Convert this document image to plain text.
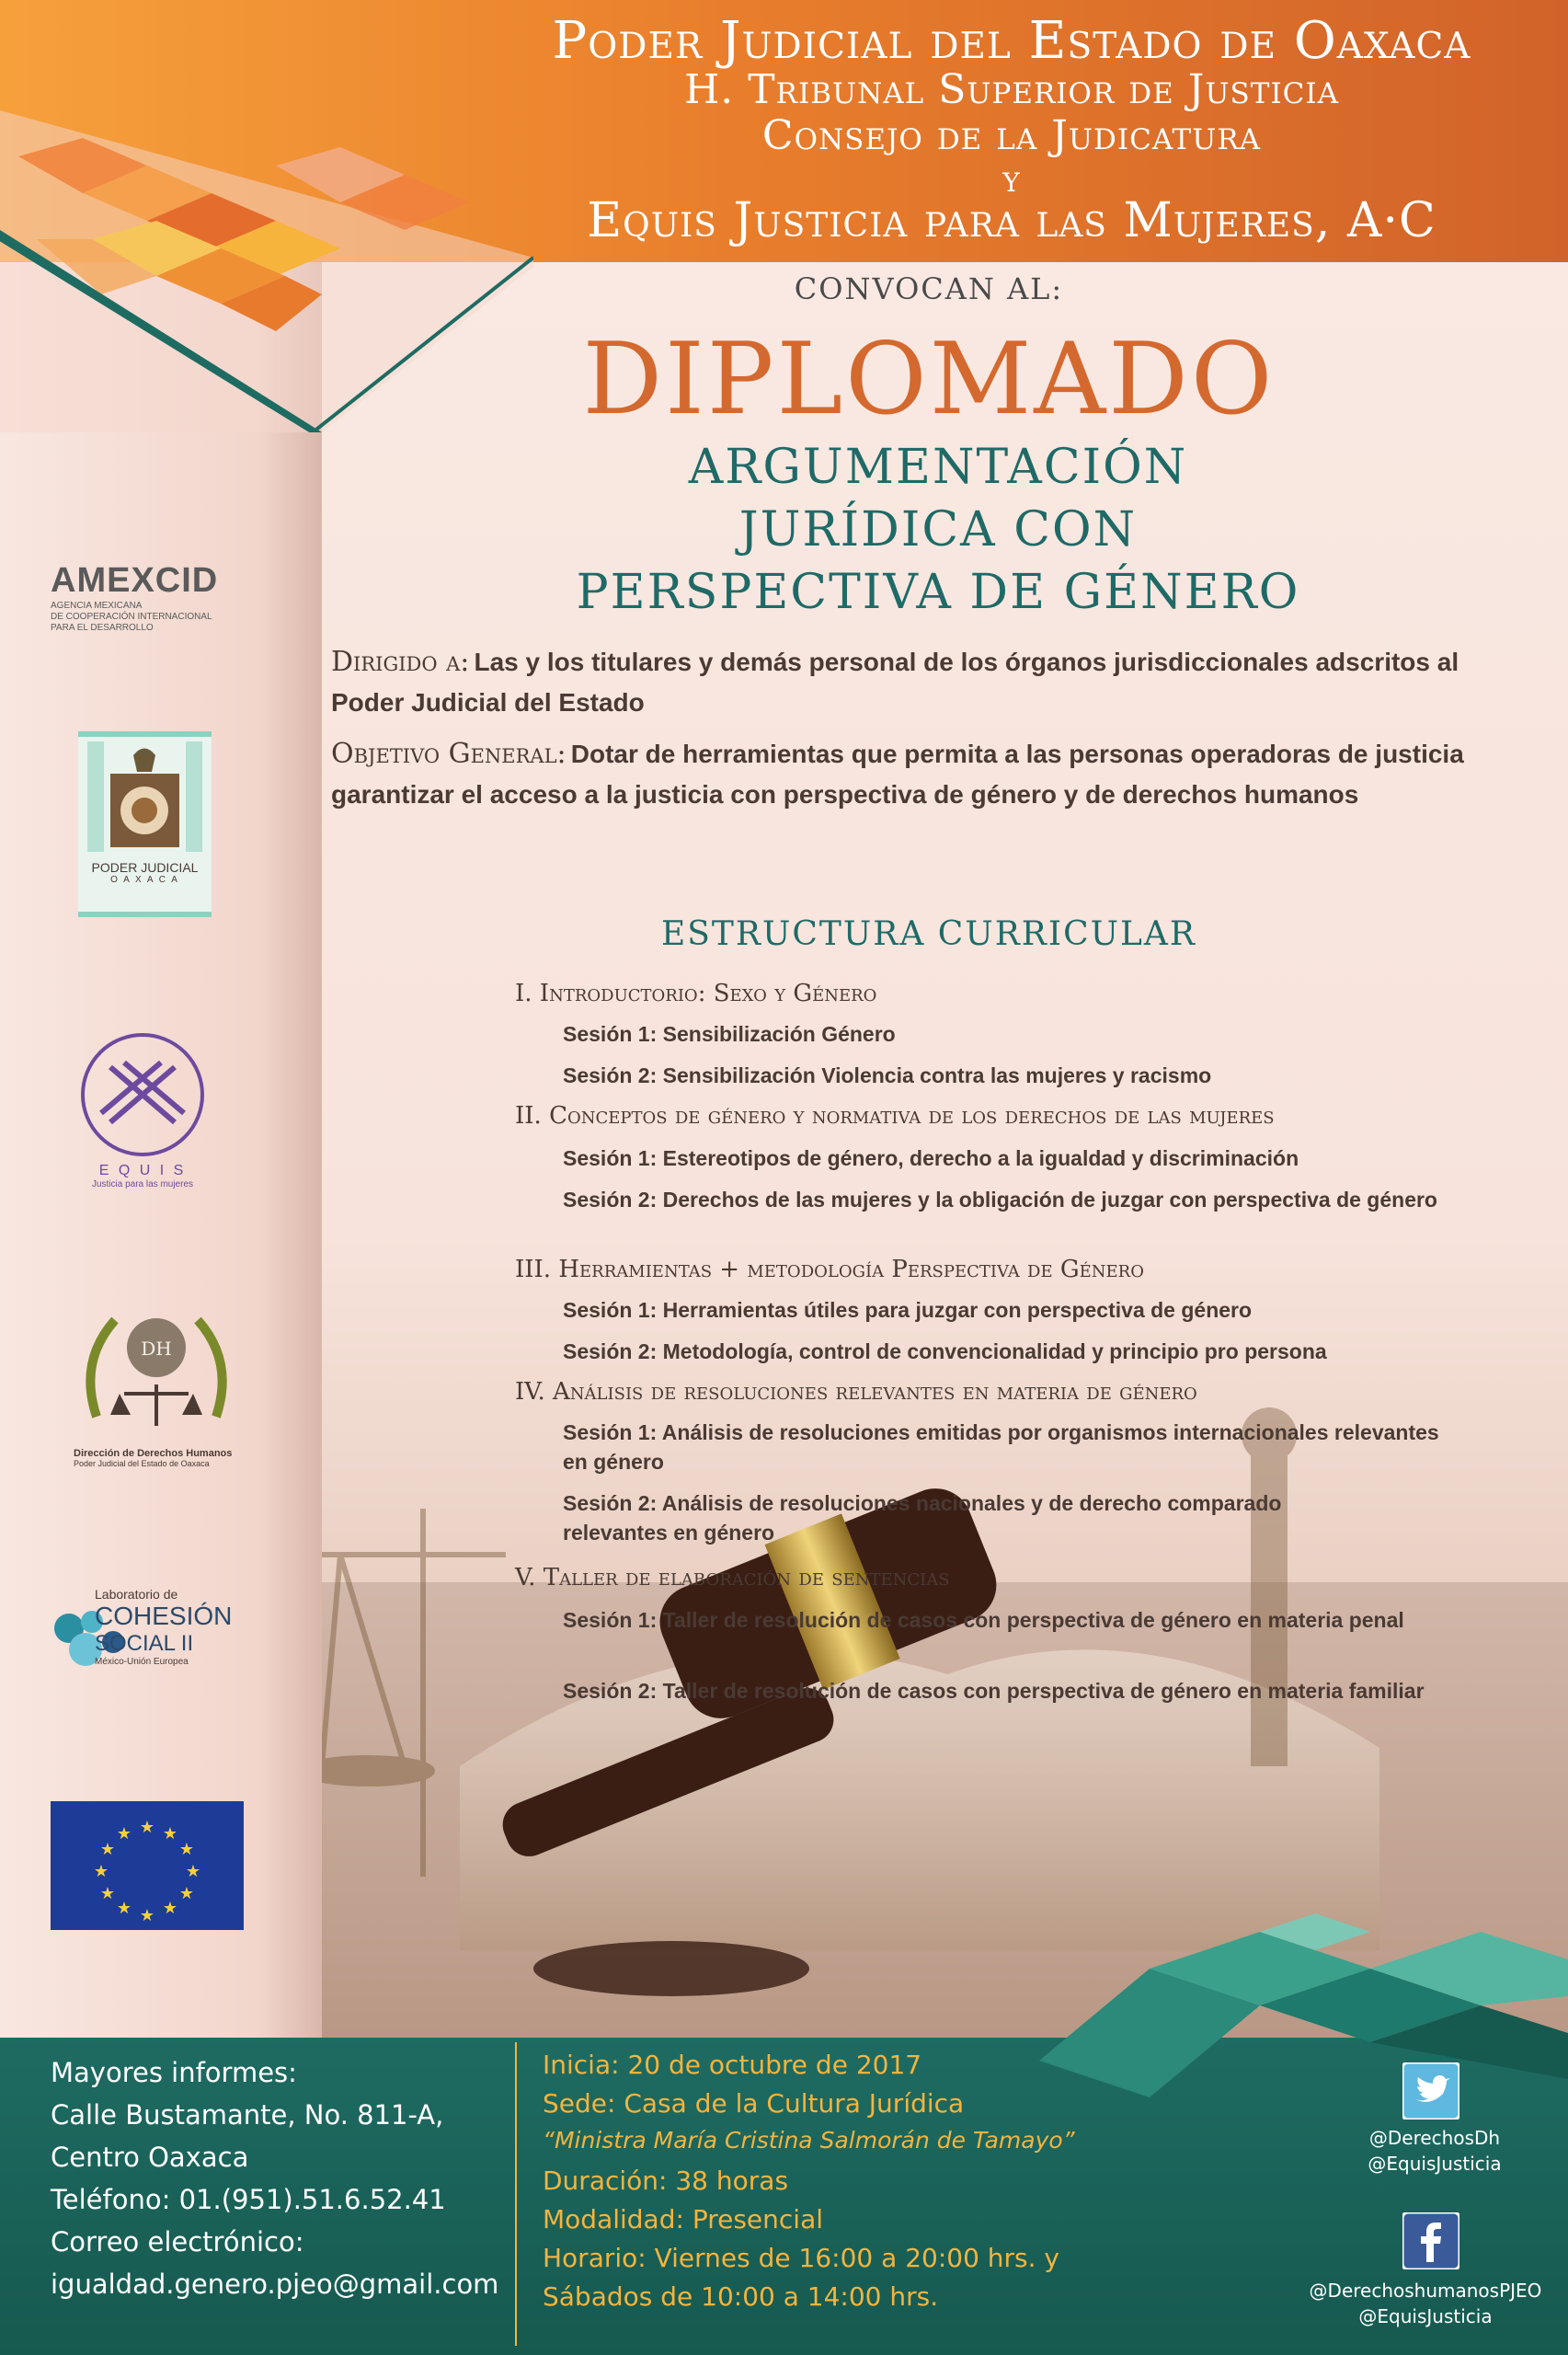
Poder Judicial del Estado de Oaxaca
H. Tribunal Superior de Justicia
Consejo de la Judicatura
y
Equis Justicia para las Mujeres, A·C
CONVOCAN AL:
DIPLOMADO
ARGUMENTACIÓN
JURÍDICA CON
PERSPECTIVA DE GÉNERO
Dirigido a: Las y los titulares y demás personal de los órganos jurisdiccionales adscritos al Poder Judicial del Estado
Objetivo General: Dotar de herramientas que permita a las personas operadoras de justicia garantizar el acceso a la justicia con perspectiva de género y de derechos humanos
ESTRUCTURA CURRICULAR
I. Introductorio: Sexo y Género
Sesión 1: Sensibilización Género
Sesión 2: Sensibilización Violencia contra las mujeres y racismo
II. Conceptos de género y normativa de los derechos de las mujeres
Sesión 1: Estereotipos de género, derecho a la igualdad y discriminación
Sesión 2: Derechos de las mujeres y la obligación de juzgar con perspectiva de género
III. Herramientas + metodología Perspectiva de Género
Sesión 1: Herramientas útiles para juzgar con perspectiva de género
Sesión 2: Metodología, control de convencionalidad y principio pro persona
IV. Análisis de resoluciones relevantes en materia de género
Sesión 1: Análisis de resoluciones emitidas por organismos internacionales relevantes en género
Sesión 2: Análisis de resoluciones nacionales y de derecho comparado relevantes en género
V. Taller de elaboración de sentencias
Sesión 1: Taller de resolución de casos con perspectiva de género en materia penal
Sesión 2: Taller de resolución de casos con perspectiva de género en materia familiar
AMEXCID
AGENCIA MEXICANA
DE COOPERACIÓN INTERNACIONAL
PARA EL DESARROLLO
PODER JUDICIAL
O A X A C A
E Q U I S
Justicia para las mujeres
DH
Dirección de Derechos Humanos
Poder Judicial del Estado de Oaxaca
Laboratorio de
COHESIÓN
SOCIAL II
México-Unión Europea
★ ★
★
★
★
★
★
★
★
★
★
★
Mayores informes:
Calle Bustamante, No. 811-A,
Centro Oaxaca
Teléfono: 01.(951).51.6.52.41
Correo electrónico:
igualdad.genero.pjeo@gmail.com
Inicia: 20 de octubre de 2017
Sede: Casa de la Cultura Jurídica
“Ministra María Cristina Salmorán de Tamayo”
Duración: 38 horas
Modalidad: Presencial
Horario: Viernes de 16:00 a 20:00 hrs. y
Sábados de 10:00 a 14:00 hrs.
@DerechosDh
@EquisJusticia
@DerechoshumanosPJEO
@EquisJusticia
